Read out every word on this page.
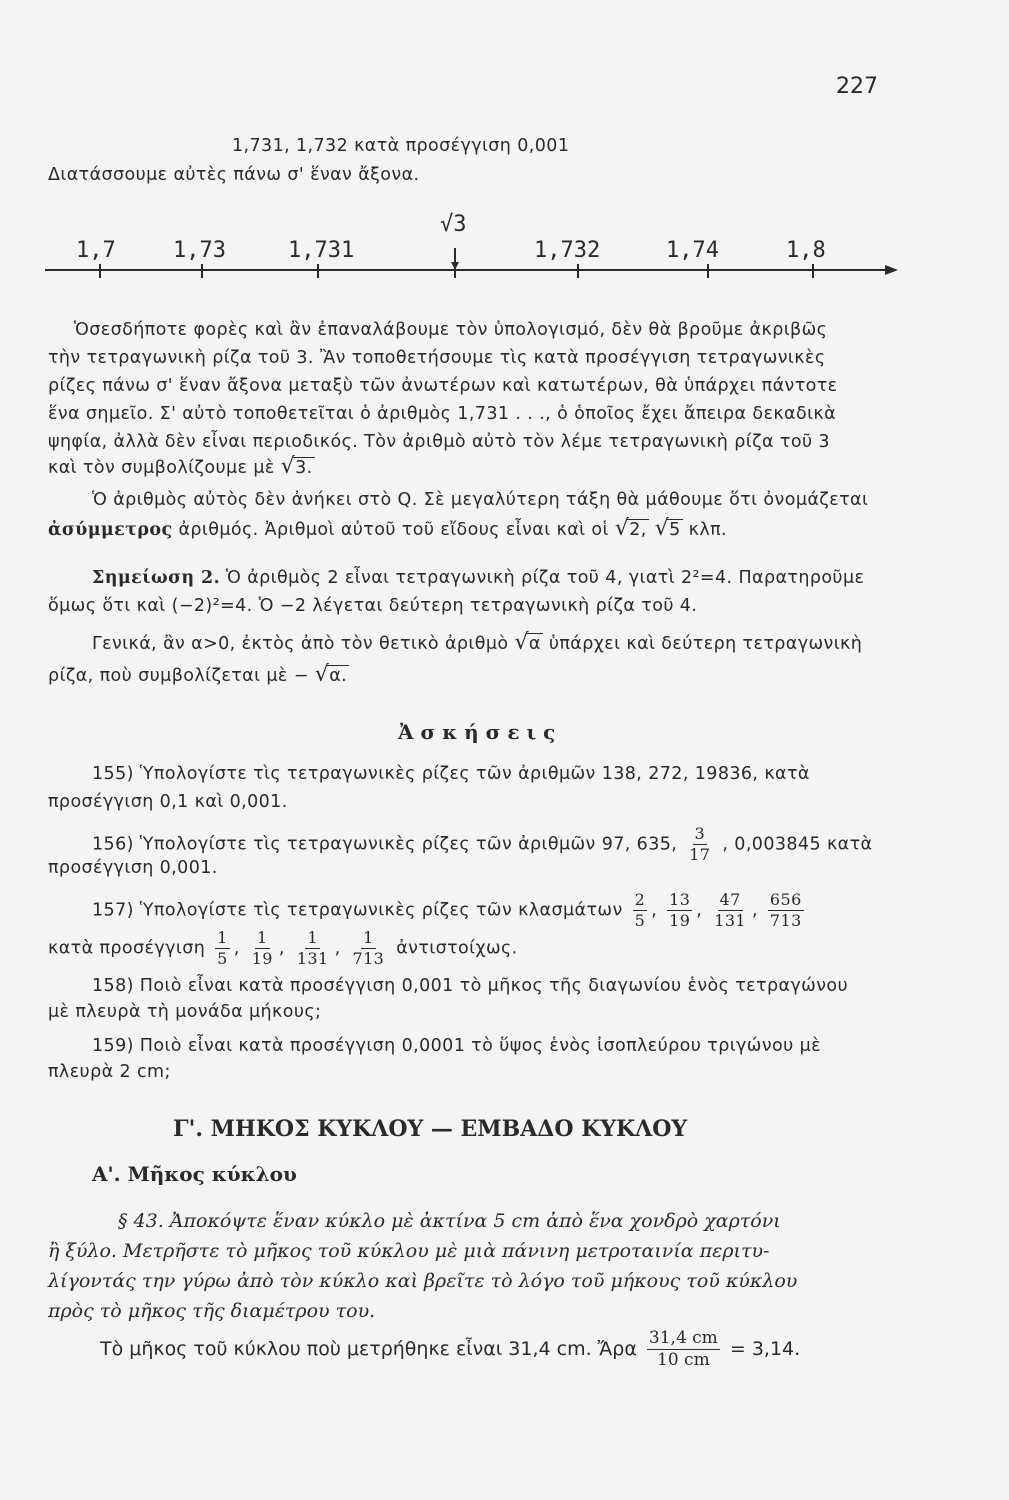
227
1,731, 1,732 κατὰ προσέγγιση 0,001
Διατάσσουμε αὐτὲς πάνω σ' ἕναν ἄξονα.
√3
1,7	1,73	1,731	1,732	1,74	1,8
Ὁσεσδήποτε φορὲς καὶ ἂν ἐπαναλάβουμε τὸν ὑπολογισμό, δὲν θὰ βροῦμε ἀκριβῶς
τὴν τετραγωνικὴ ρίζα τοῦ 3. Ἂν τοποθετήσουμε τὶς κατὰ προσέγγιση τετραγωνικὲς
ρίζες πάνω σ' ἕναν ἄξονα μεταξὺ τῶν ἀνωτέρων καὶ κατωτέρων, θὰ ὑπάρχει πάντοτε
ἕνα σημεῖο. Σ' αὐτὸ τοποθετεῖται ὁ ἀριθμὸς 1,731 . . ., ὁ ὁποῖος ἔχει ἄπειρα δεκαδικὰ
ψηφία, ἀλλὰ δὲν εἶναι περιοδικός. Τὸν ἀριθμὸ αὐτὸ τὸν λέμε τετραγωνικὴ ρίζα τοῦ 3
καὶ τὸν συμβολίζουμε μὲ √3.
Ὁ ἀριθμὸς αὐτὸς δὲν ἀνήκει στὸ Q. Σὲ μεγαλύτερη τάξη θὰ μάθουμε ὅτι ὀνομάζεται
ἀσύμμετρος ἀριθμός. Ἀριθμοὶ αὐτοῦ τοῦ εἴδους εἶναι καὶ οἱ √2, √5 κλπ.
Σημείωση 2. Ὁ ἀριθμὸς 2 εἶναι τετραγωνικὴ ρίζα τοῦ 4, γιατὶ 2²=4. Παρατηροῦμε
ὅμως ὅτι καὶ (−2)²=4. Ὁ −2 λέγεται δεύτερη τετραγωνικὴ ρίζα τοῦ 4.
Γενικά, ἂν α>0, ἐκτὸς ἀπὸ τὸν θετικὸ ἀριθμὸ √α ὑπάρχει καὶ δεύτερη τετραγωνικὴ
ρίζα, ποὺ συμβολίζεται μὲ − √α.
Ἀ σ κ ή σ ε ι ς
155) Ὑπολογίστε τὶς τετραγωνικὲς ρίζες τῶν ἀριθμῶν 138, 272, 19836, κατὰ
προσέγγιση 0,1 καὶ 0,001.
156) Ὑπολογίστε τὶς τετραγωνικὲς ρίζες τῶν ἀριθμῶν 97, 635, $\frac{3}{17}$ , 0,003845 κατὰ
προσέγγιση 0,001.
157) Ὑπολογίστε τὶς τετραγωνικὲς ρίζες τῶν κλασμάτων $\frac{2}{5}$ , $\frac{13}{19}$ , $\frac{47}{131}$ , $\frac{656}{713}$
κατὰ προσέγγιση $\frac{1}{5}$ , $\frac{1}{19}$ , $\frac{1}{131}$ , $\frac{1}{713}$ ἀντιστοίχως.
158) Ποιὸ εἶναι κατὰ προσέγγιση 0,001 τὸ μῆκος τῆς διαγωνίου ἑνὸς τετραγώνου
μὲ πλευρὰ τὴ μονάδα μήκους;
159) Ποιὸ εἶναι κατὰ προσέγγιση 0,0001 τὸ ὕψος ἑνὸς ἰσοπλεύρου τριγώνου μὲ
πλευρὰ 2 cm;
Γ'. ΜΗΚΟΣ ΚΥΚΛΟΥ — ΕΜΒΑΔΟ ΚΥΚΛΟΥ
Α'. Μῆκος κύκλου
§ 43. Ἀποκόψτε ἕναν κύκλο μὲ ἀκτίνα 5 cm ἀπὸ ἕνα χονδρὸ χαρτόνι
ἢ ξύλο. Μετρῆστε τὸ μῆκος τοῦ κύκλου μὲ μιὰ πάνινη μετροταινία περιτυ-
λίγοντάς την γύρω ἀπὸ τὸν κύκλο καὶ βρεῖτε τὸ λόγο τοῦ μήκους τοῦ κύκλου
πρὸς τὸ μῆκος τῆς διαμέτρου του.
Τὸ μῆκος τοῦ κύκλου ποὺ μετρήθηκε εἶναι 31,4 cm. Ἄρα $\frac{31,4 cm}{10 cm} = 3,14$.
